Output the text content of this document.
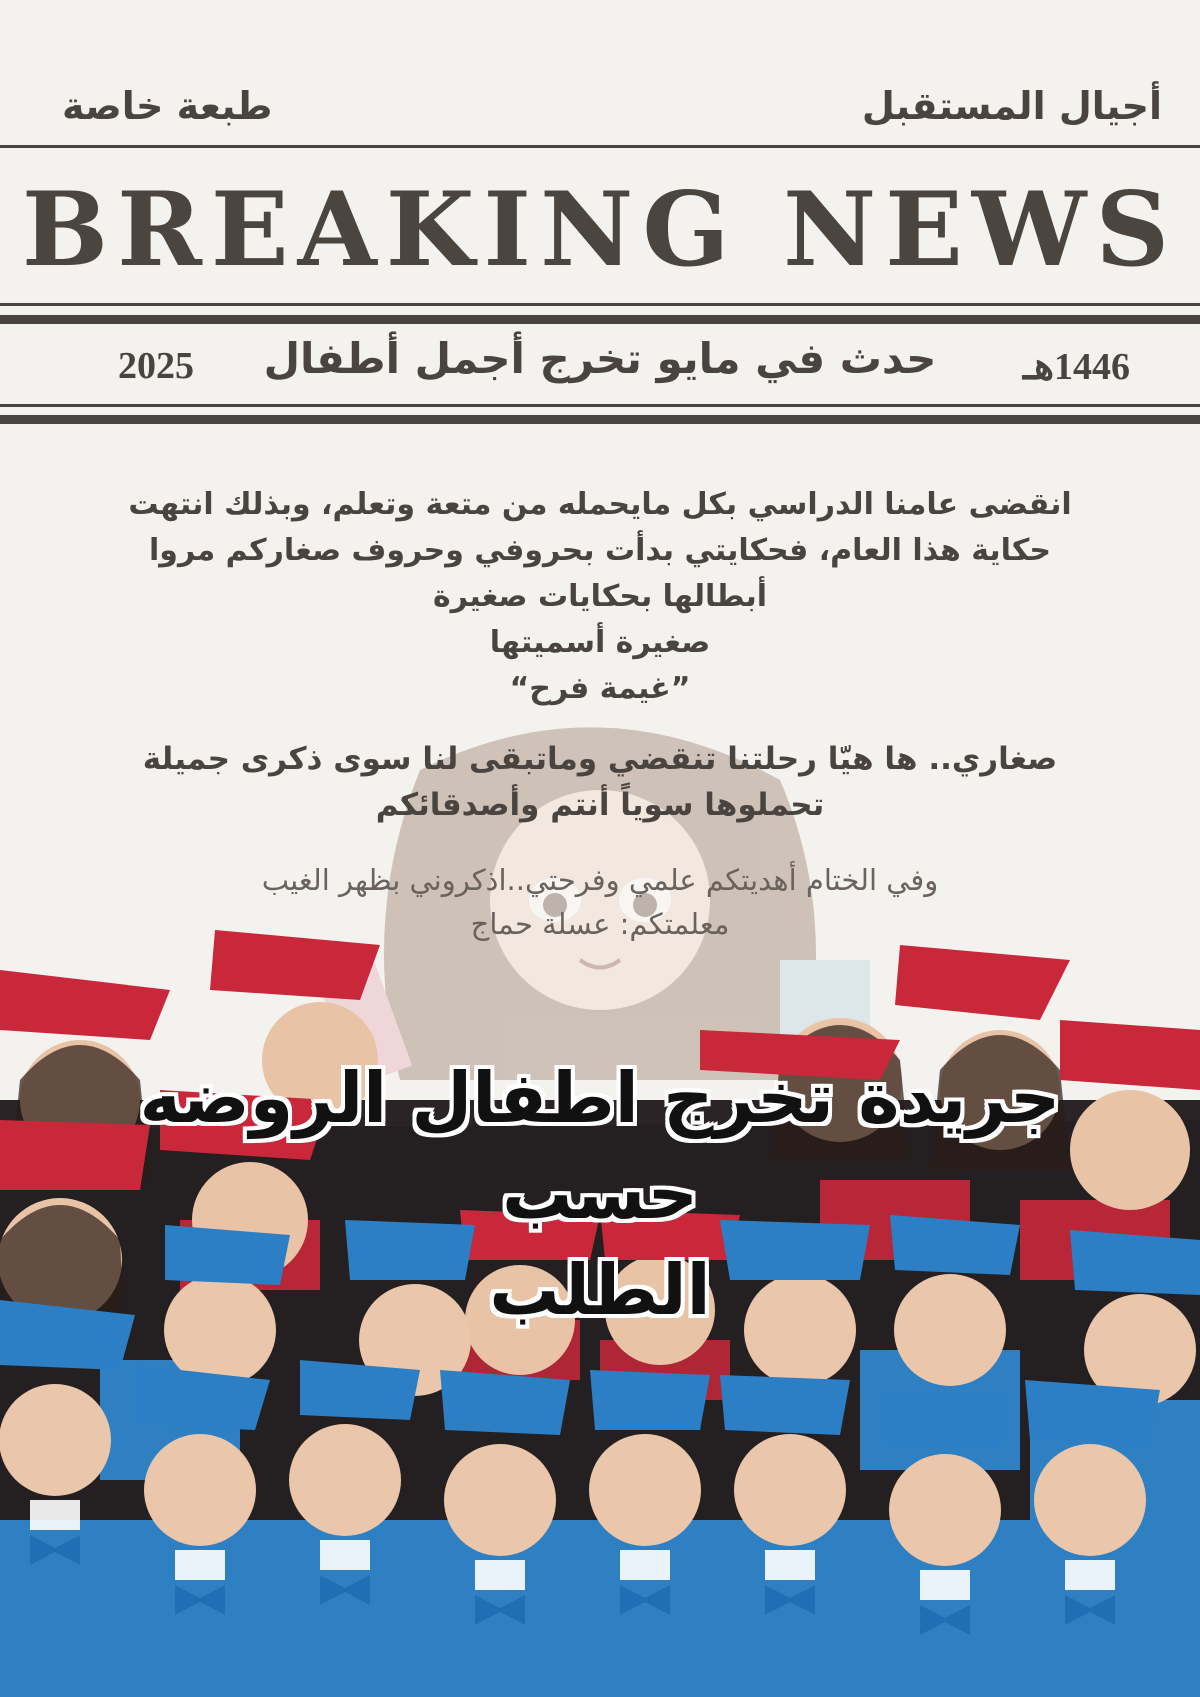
طبعة خاصة	أجيال المستقبل
BREAKING NEWS
2025	حدث في مايو تخرج أجمل أطفال	1446هـ
انقضى عامنا الدراسي بكل مايحمله من متعة وتعلم، وبذلك انتهت
حكاية هذا العام، فحكايتي بدأت بحروفي وحروف صغاركم مروا
أبطالها بحكايات صغيرة
صغيرة أسميتها
”غيمة فرح“
صغاري.. ها هيّا رحلتنا تنقضي وماتبقى لنا سوى ذكرى جميلة
تحملوها سوياً أنتم وأصدقائكم
وفي الختام أهديتكم علمي وفرحتي..اذكروني بظهر الغيب
معلمتكم: عسلة حماج
جريدة تخرج اطفال الروضه حسب
الطلب
